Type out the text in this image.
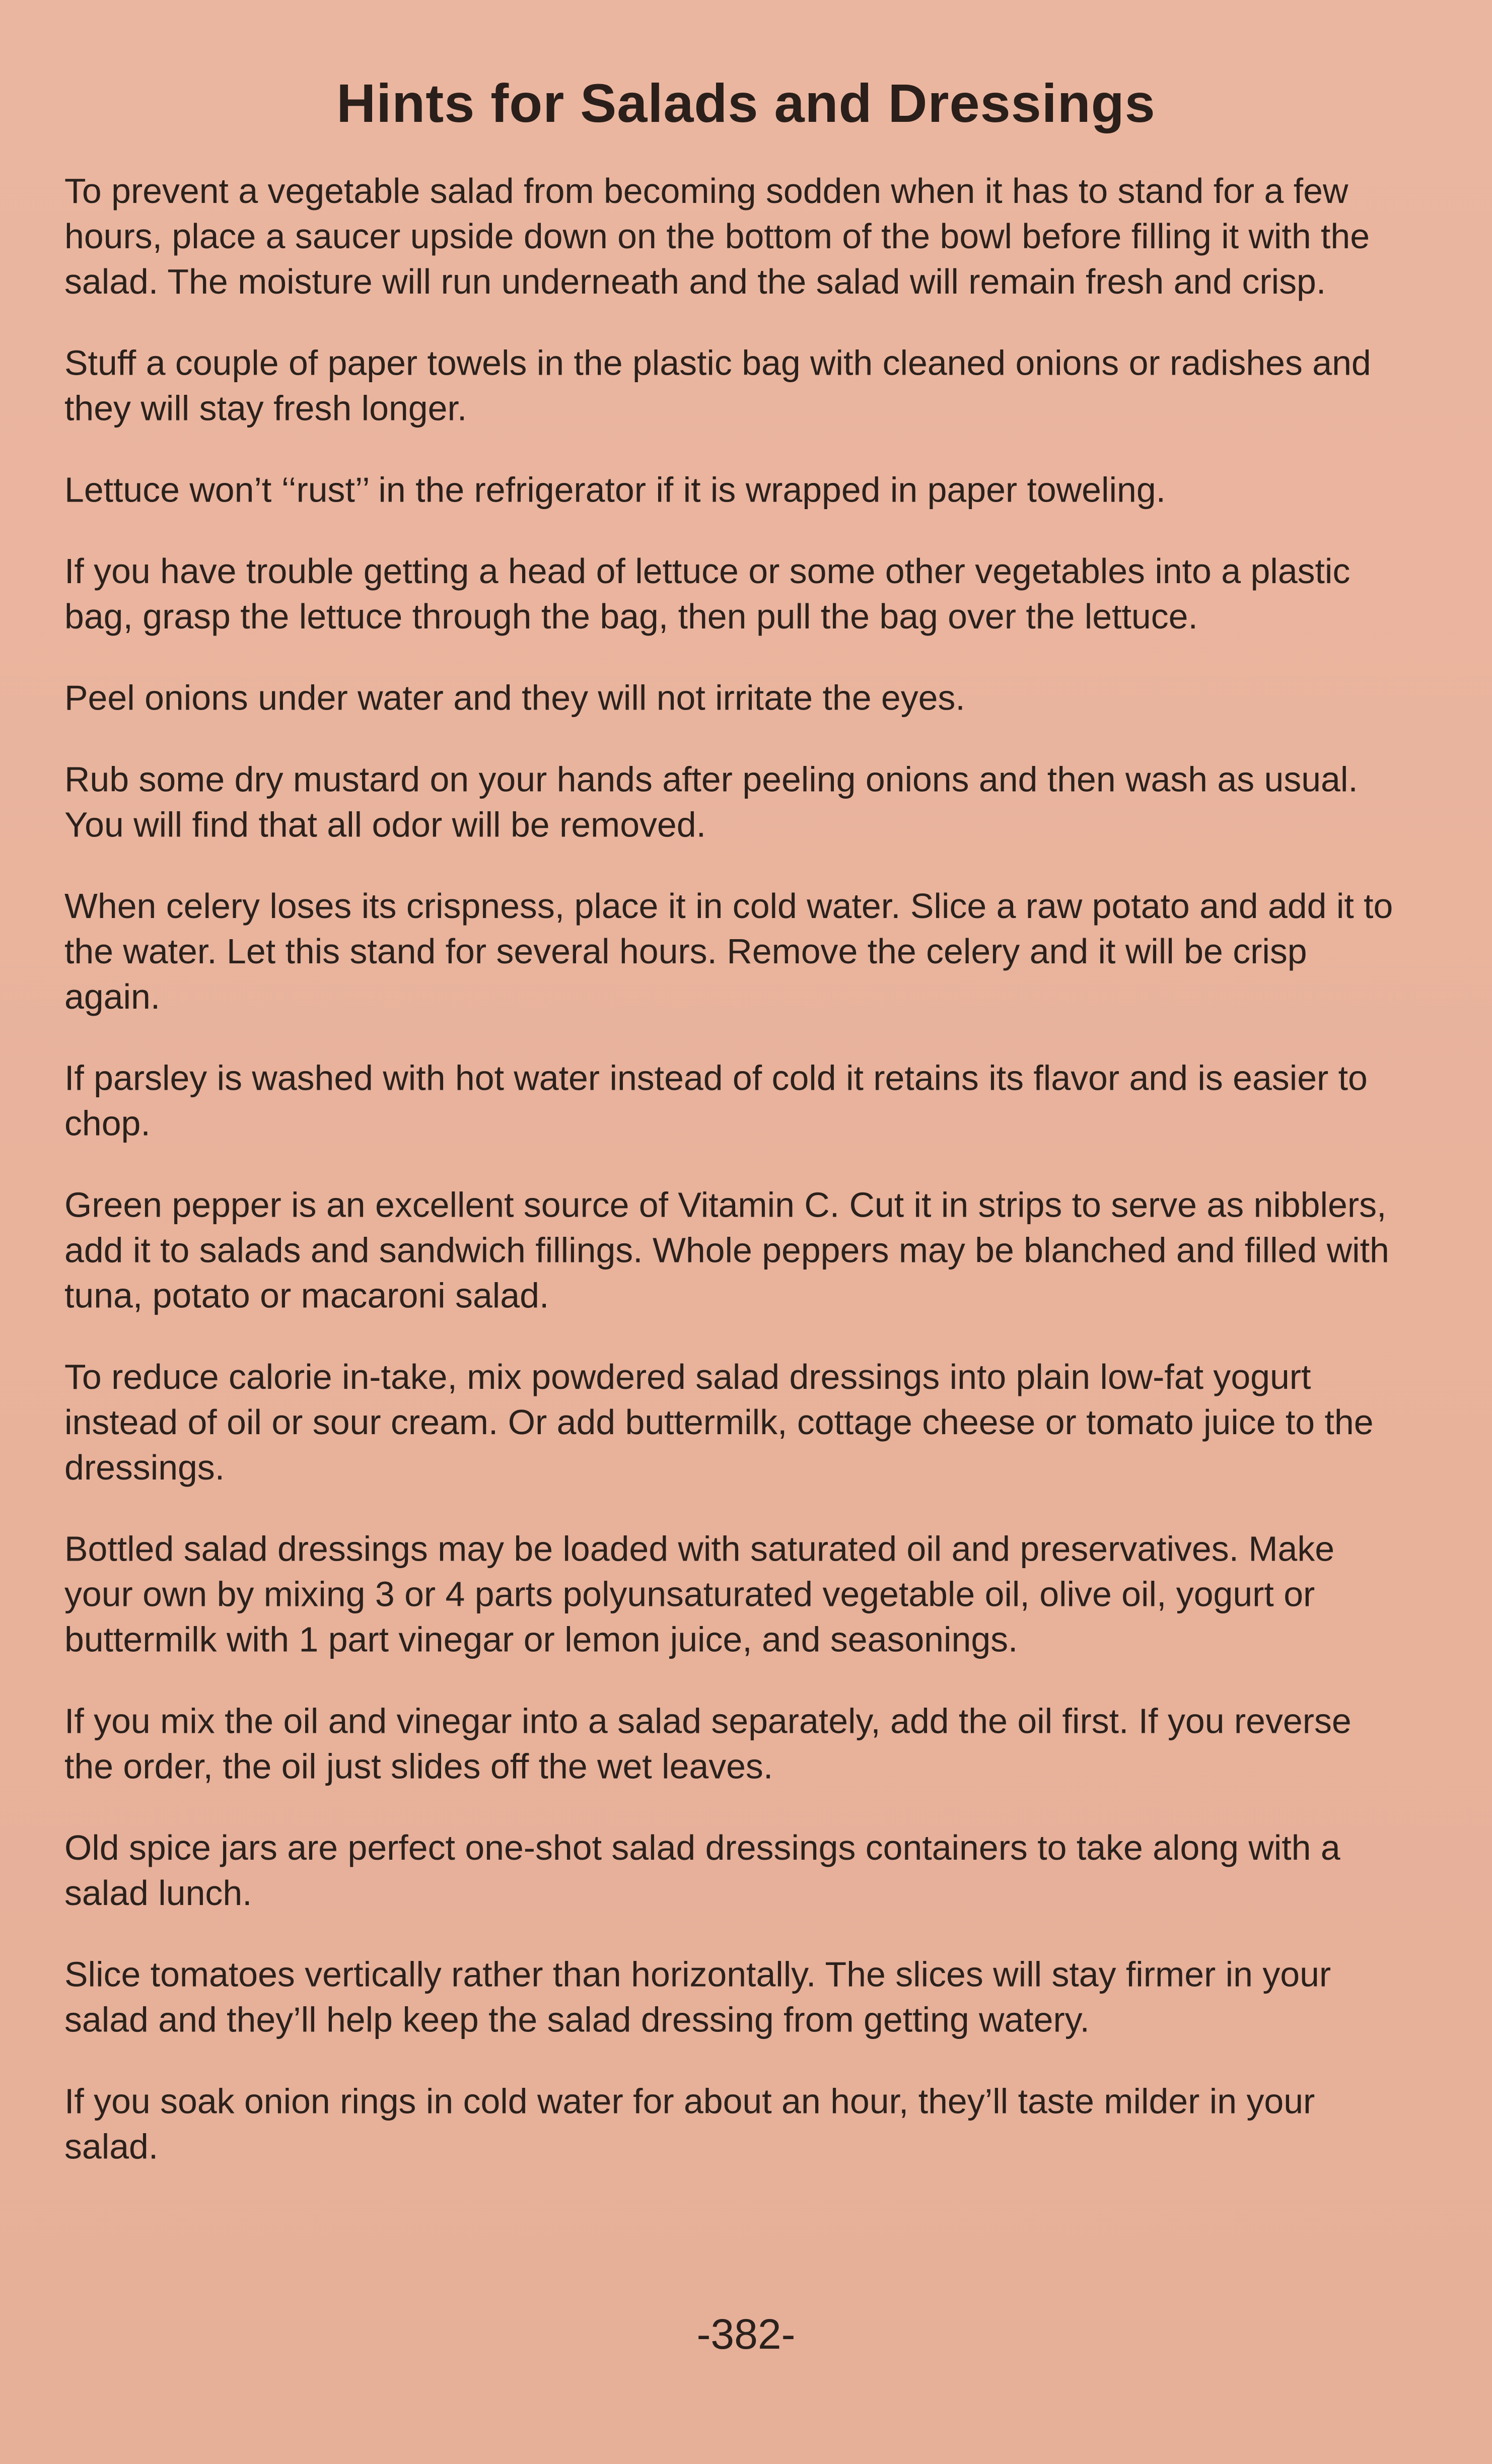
Hints for Salads and Dressings

To prevent a vegetable salad from becoming sodden when it has to stand for a few hours, place a saucer upside down on the bottom of the bowl before filling it with the salad. The moisture will run underneath and the salad will remain fresh and crisp.

Stuff a couple of paper towels in the plastic bag with cleaned onions or radishes and they will stay fresh longer.

Lettuce won’t ‘‘rust’’ in the refrigerator if it is wrapped in paper toweling.

If you have trouble getting a head of lettuce or some other vegetables into a plastic bag, grasp the lettuce through the bag, then pull the bag over the lettuce.

Peel onions under water and they will not irritate the eyes.

Rub some dry mustard on your hands after peeling onions and then wash as usual. You will find that all odor will be removed.

When celery loses its crispness, place it in cold water. Slice a raw potato and add it to the water. Let this stand for several hours. Remove the celery and it will be crisp again.

If parsley is washed with hot water instead of cold it retains its flavor and is easier to chop.

Green pepper is an excellent source of Vitamin C. Cut it in strips to serve as nibblers, add it to salads and sandwich fillings. Whole peppers may be blanched and filled with tuna, potato or macaroni salad.

To reduce calorie in-take, mix powdered salad dressings into plain low-fat yogurt instead of oil or sour cream. Or add buttermilk, cottage cheese or tomato juice to the dressings.

Bottled salad dressings may be loaded with saturated oil and preservatives. Make your own by mixing 3 or 4 parts polyunsaturated vegetable oil, olive oil, yogurt or buttermilk with 1 part vinegar or lemon juice, and seasonings.

If you mix the oil and vinegar into a salad separately, add the oil first. If you reverse the order, the oil just slides off the wet leaves.

Old spice jars are perfect one-shot salad dressings containers to take along with a salad lunch.

Slice tomatoes vertically rather than horizontally. The slices will stay firmer in your salad and they’ll help keep the salad dressing from getting watery.

If you soak onion rings in cold water for about an hour, they’ll taste milder in your salad.

-382-
